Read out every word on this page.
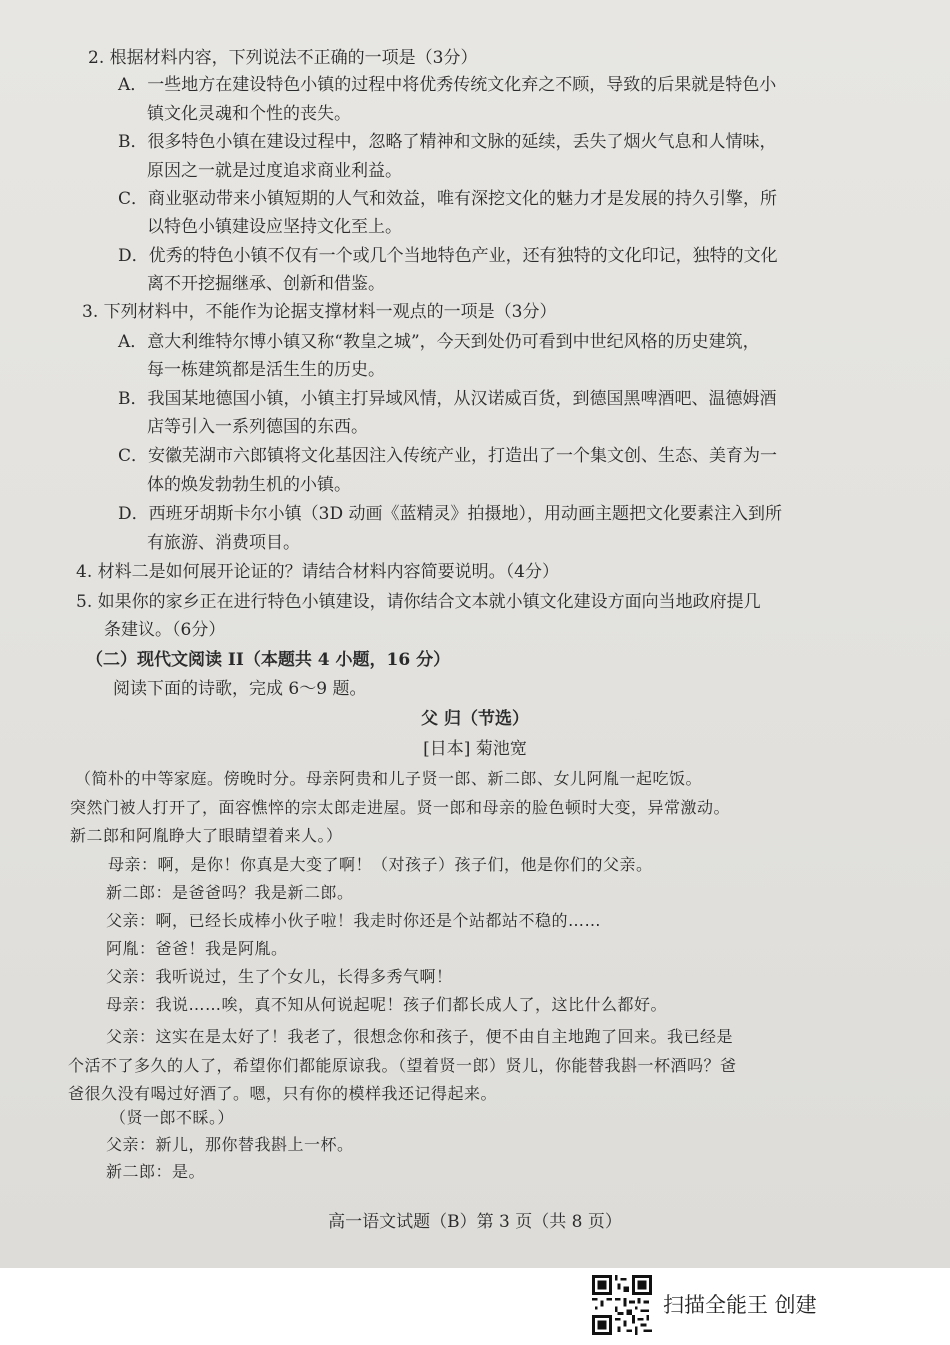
2. 根据材料内容，下列说法不正确的一项是（3分）
A．一些地方在建设特色小镇的过程中将优秀传统文化弃之不顾，导致的后果就是特色小
镇文化灵魂和个性的丧失。
B．很多特色小镇在建设过程中，忽略了精神和文脉的延续，丢失了烟火气息和人情味，
原因之一就是过度追求商业利益。
C．商业驱动带来小镇短期的人气和效益，唯有深挖文化的魅力才是发展的持久引擎，所
以特色小镇建设应坚持文化至上。
D．优秀的特色小镇不仅有一个或几个当地特色产业，还有独特的文化印记，独特的文化
离不开挖掘继承、创新和借鉴。
3. 下列材料中，不能作为论据支撑材料一观点的一项是（3分）
A．意大利维特尔博小镇又称“教皇之城”，今天到处仍可看到中世纪风格的历史建筑，
每一栋建筑都是活生生的历史。
B．我国某地德国小镇，小镇主打异域风情，从汉诺威百货，到德国黑啤酒吧、温德姆酒
店等引入一系列德国的东西。
C．安徽芜湖市六郎镇将文化基因注入传统产业，打造出了一个集文创、生态、美育为一
体的焕发勃勃生机的小镇。
D．西班牙胡斯卡尔小镇（3D 动画《蓝精灵》拍摄地），用动画主题把文化要素注入到所
有旅游、消费项目。
4. 材料二是如何展开论证的？请结合材料内容简要说明。（4分）
5. 如果你的家乡正在进行特色小镇建设，请你结合文本就小镇文化建设方面向当地政府提几
条建议。（6分）
（二）现代文阅读 II（本题共 4 小题，16 分）
阅读下面的诗歌，完成 6～9 题。
父 归（节选）
[日本] 菊池宽
（简朴的中等家庭。傍晚时分。母亲阿贵和儿子贤一郎、新二郎、女儿阿胤一起吃饭。
突然门被人打开了，面容憔悴的宗太郎走进屋。贤一郎和母亲的脸色顿时大变，异常激动。
新二郎和阿胤睁大了眼睛望着来人。）
母亲：啊，是你！你真是大变了啊！（对孩子）孩子们，他是你们的父亲。
新二郎：是爸爸吗？我是新二郎。
父亲：啊，已经长成棒小伙子啦！我走时你还是个站都站不稳的……
阿胤：爸爸！我是阿胤。
父亲：我听说过，生了个女儿，长得多秀气啊！
母亲：我说……唉，真不知从何说起呢！孩子们都长成人了，这比什么都好。
父亲：这实在是太好了！我老了，很想念你和孩子，便不由自主地跑了回来。我已经是
个活不了多久的人了，希望你们都能原谅我。（望着贤一郎）贤儿，你能替我斟一杯酒吗？爸
爸很久没有喝过好酒了。嗯，只有你的模样我还记得起来。
（贤一郎不睬。）
父亲：新儿，那你替我斟上一杯。
新二郎：是。
高一语文试题（B）第 3 页（共 8 页）
扫描全能王 创建
